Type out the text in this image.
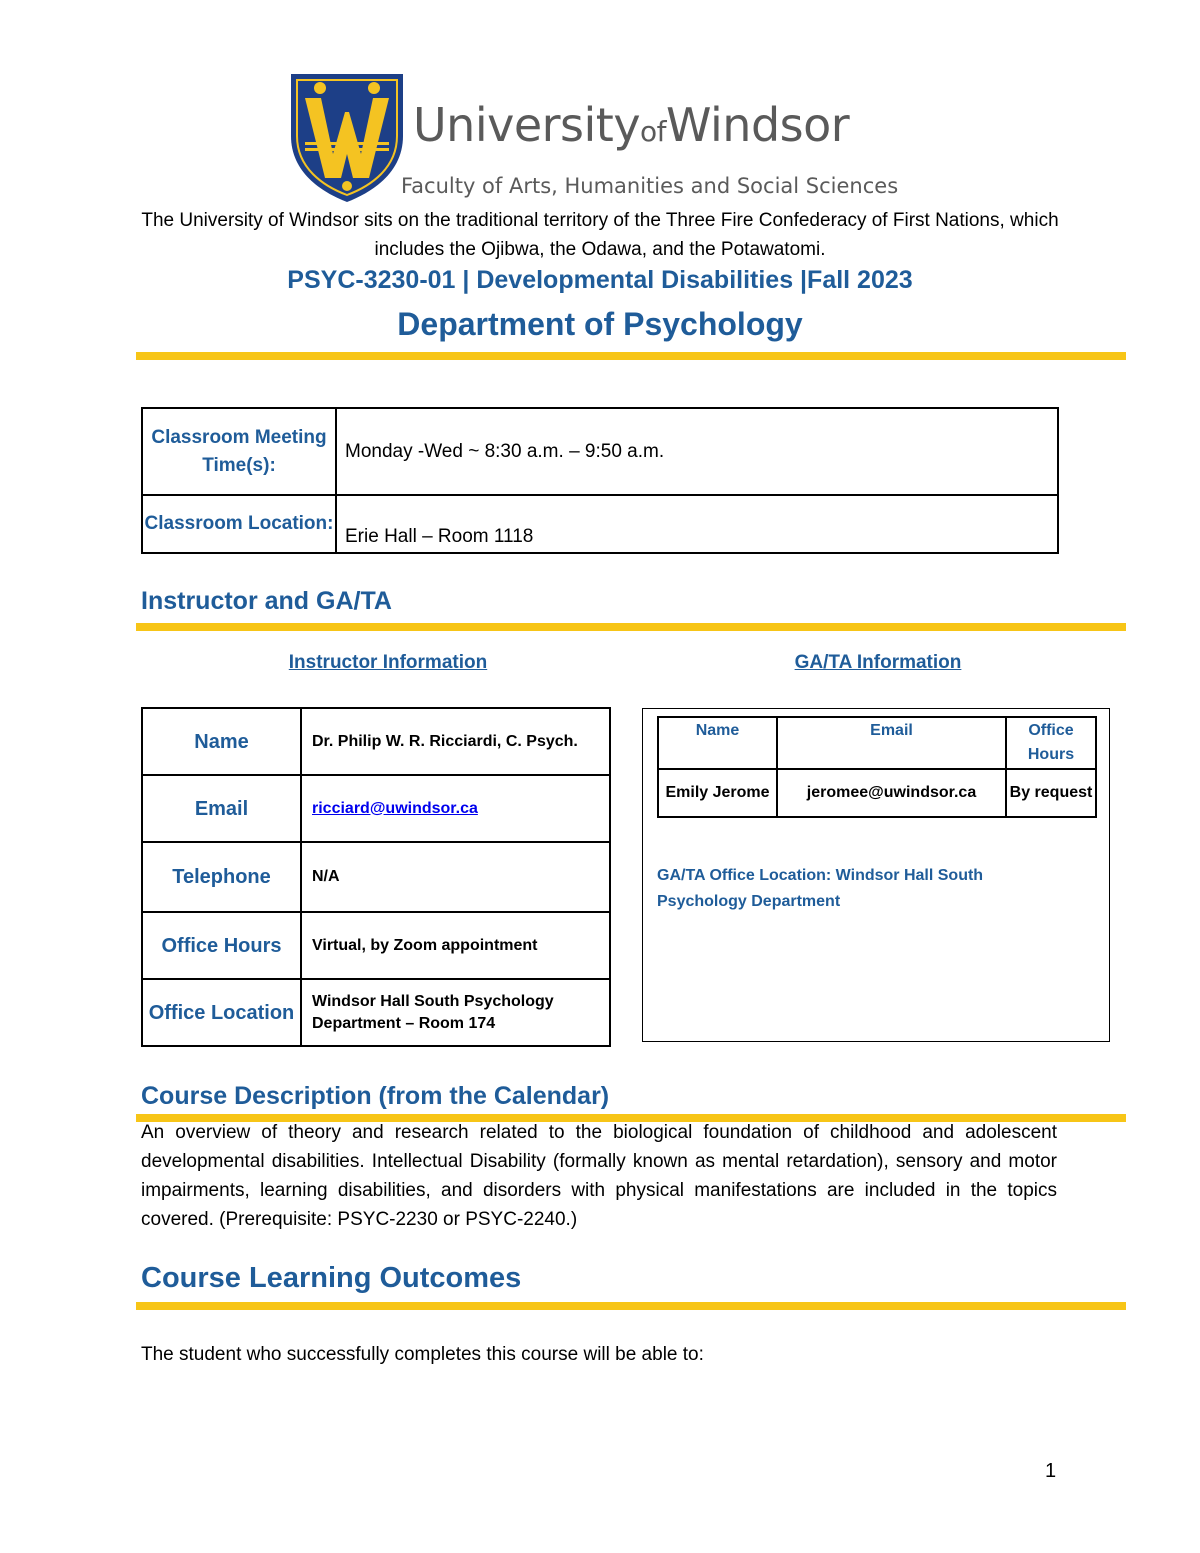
UniversityofWindsor
Faculty of Arts, Humanities and Social Sciences
The University of Windsor sits on the traditional territory of the Three Fire Confederacy of First Nations, which includes the Ojibwa, the Odawa, and the Potawatomi.
PSYC-3230-01 | Developmental Disabilities |Fall 2023
Department of Psychology
Classroom Meeting Time(s):	Monday -Wed ~ 8:30 a.m. – 9:50 a.m.
Classroom Location:	Erie Hall – Room 1118
Instructor and GA/TA
Instructor Information	GA/TA Information
Name	Dr. Philip W. R. Ricciardi, C. Psych.
Email	ricciard@uwindsor.ca
Telephone	N/A
Office Hours	Virtual, by Zoom appointment
Office Location	Windsor Hall South Psychology Department – Room 174
Name	Email	Office Hours
Emily Jerome	jeromee@uwindsor.ca	By request
GA/TA Office Location: Windsor Hall South Psychology Department
Course Description (from the Calendar)
An overview of theory and research related to the biological foundation of childhood and adolescent developmental disabilities. Intellectual Disability (formally known as mental retardation), sensory and motor impairments, learning disabilities, and disorders with physical manifestations are included in the topics covered. (Prerequisite: PSYC-2230 or PSYC-2240.)
Course Learning Outcomes
The student who successfully completes this course will be able to:
1
